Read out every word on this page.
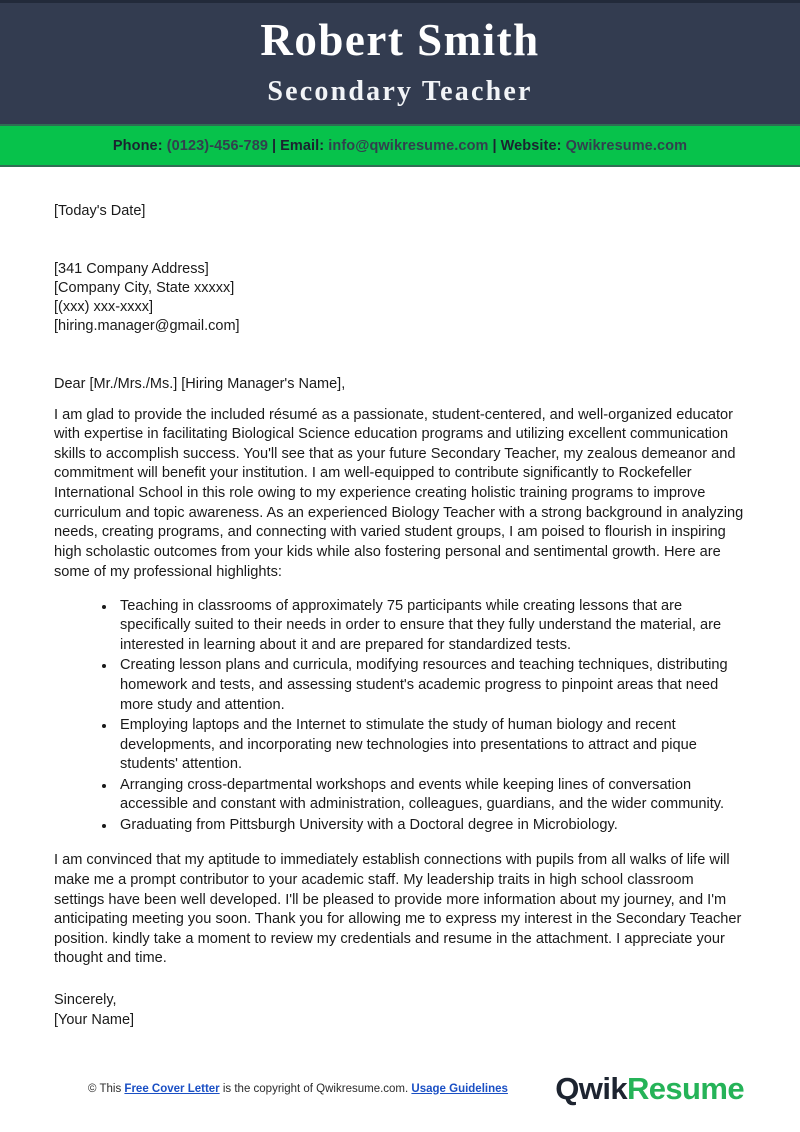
Robert Smith
Secondary Teacher
Phone:
(0123)-456-789 | Email:
info@qwikresume.com | Website:
Qwikresume.com
[Today's Date]
[341 Company Address]
[Company City, State xxxxx]
[(xxx) xxx-xxxx]
[hiring.manager@gmail.com]
Dear [Mr./Mrs./Ms.] [Hiring Manager's Name],

I am glad to provide the included résumé as a passionate, student-centered, and well-organized educator with expertise in facilitating Biological Science education programs and utilizing excellent communication skills to accomplish success. You'll see that as your future Secondary Teacher, my zealous demeanor and commitment will benefit your institution. I am well-equipped to contribute significantly to Rockefeller International School in this role owing to my experience creating holistic training programs to improve curriculum and topic awareness. As an experienced Biology Teacher with a strong background in analyzing needs, creating programs, and connecting with varied student groups, I am poised to flourish in inspiring high scholastic outcomes from your kids while also fostering personal and sentimental growth. Here are some of my professional highlights:

Teaching in classrooms of approximately 75 participants while creating lessons that are specifically suited to their needs in order to ensure that they fully understand the material, are interested in learning about it and are prepared for standardized tests.
Creating lesson plans and curricula, modifying resources and teaching techniques, distributing homework and tests, and assessing student's academic progress to pinpoint areas that need more study and attention.
Employing laptops and the Internet to stimulate the study of human biology and recent developments, and incorporating new technologies into presentations to attract and pique students' attention.
Arranging cross-departmental workshops and events while keeping lines of conversation accessible and constant with administration, colleagues, guardians, and the wider community.
Graduating from Pittsburgh University with a Doctoral degree in Microbiology.

I am convinced that my aptitude to immediately establish connections with pupils from all walks of life will make me a prompt contributor to your academic staff. My leadership traits in high school classroom settings have been well developed. I'll be pleased to provide more information about my journey, and I'm anticipating meeting you soon. Thank you for allowing me to express my interest in the Secondary Teacher position. kindly take a moment to review my credentials and resume in the attachment. I appreciate your thought and time.

Sincerely,
[Your Name]
© This Free Cover Letter is the copyright of Qwikresume.com. Usage Guidelines QwikResume
